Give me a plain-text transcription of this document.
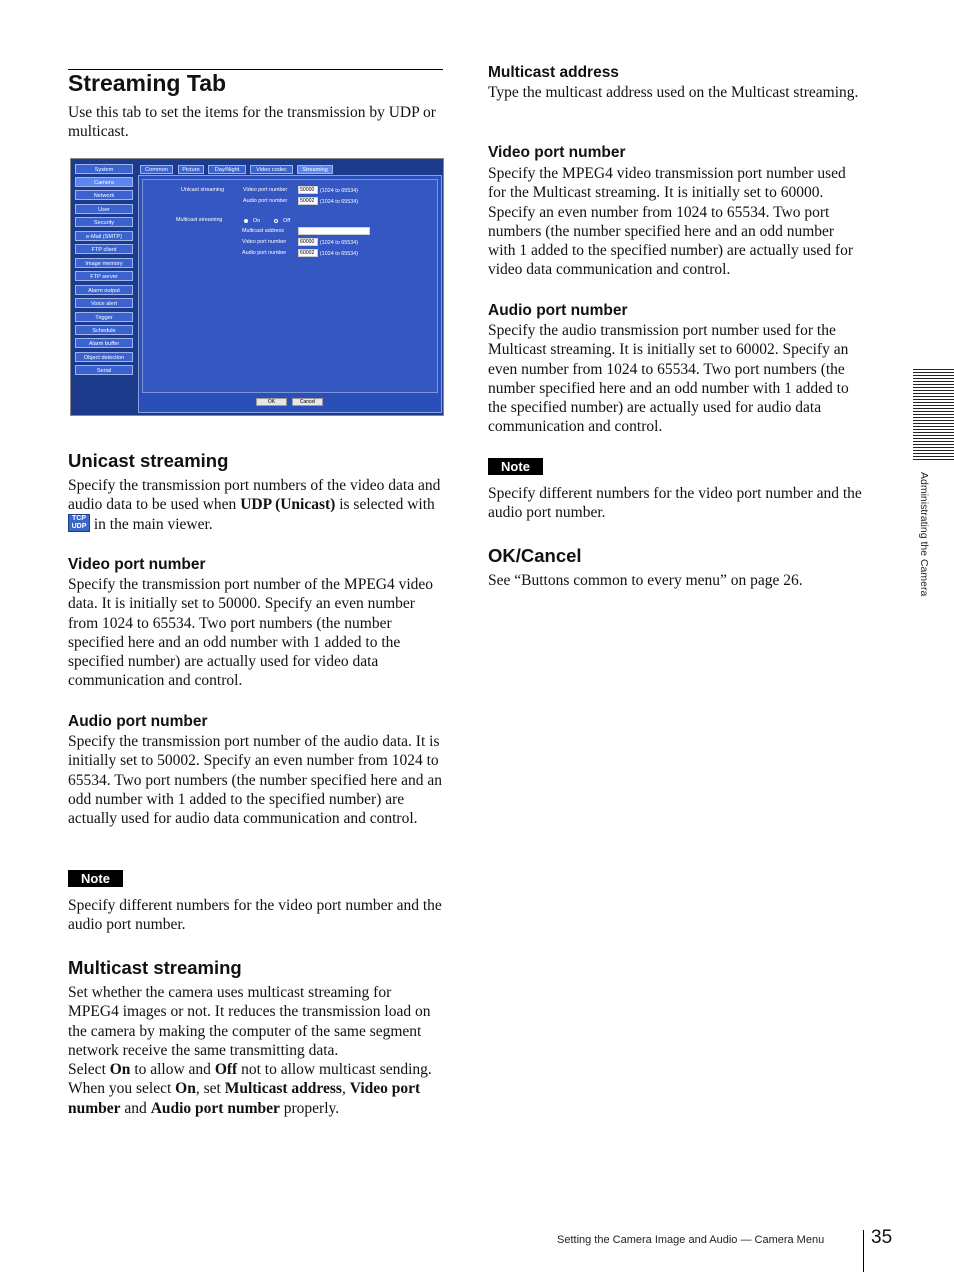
Streaming Tab

Use this tab to set the items for the transmission by UDP or multicast.

System
Camera
Network
User
Security
e-Mail (SMTP)
FTP client
Image memory
FTP server
Alarm output
Voice alert
Trigger
Schedule
Alarm buffer
Object detection
Serial
Common	Picture	Day/Night	Video codec	Streaming
Unicast streaming	Video port number	50000	(1024 to 65534)
Audio port number	50002	(1024 to 65534)
Multicast streaming	On	Off
Multicast address
Video port number	60000	(1024 to 65534)
Audio port number	60002	(1024 to 65534)
OK	Cancel
Unicast streaming

Specify the transmission port numbers of the video data and audio data to be used when UDP (Unicast) is selected with
TCP
UDP in the main viewer.

Video port number

Specify the transmission port number of the MPEG4 video data. It is initially set to 50000. Specify an even number from 1024 to 65534. Two port numbers (the number specified here and an odd number with 1 added to the specified number) are actually used for video data communication and control.

Audio port number

Specify the transmission port number of the audio data. It is initially set to 50002. Specify an even number from 1024 to 65534. Two port numbers (the number specified here and an odd number with 1 added to the specified number) are actually used for audio data communication and control.

Note

Specify different numbers for the video port number and the audio port number.

Multicast streaming

Set whether the camera uses multicast streaming for MPEG4 images or not. It reduces the transmission load on the camera by making the computer of the same segment network receive the same transmitting data.
Select On to allow and Off not to allow multicast sending.
When you select On, set Multicast address, Video port number and Audio port number properly.

Multicast address

Type the multicast address used on the Multicast streaming.

Video port number

Specify the MPEG4 video transmission port number used for the Multicast streaming. It is initially set to 60000. Specify an even number from 1024 to 65534. Two port numbers (the number specified here and an odd number with 1 added to the specified number) are actually used for video data communication and control.

Audio port number

Specify the audio transmission port number used for the Multicast streaming. It is initially set to 60002. Specify an even number from 1024 to 65534. Two port numbers (the number specified here and an odd number with 1 added to the specified number) are actually used for audio data communication and control.

Note

Specify different numbers for the video port number and the audio port number.

OK/Cancel

See “Buttons common to every menu” on page 26.	Administrating the Camera
Setting the Camera Image and Audio — Camera Menu 35
